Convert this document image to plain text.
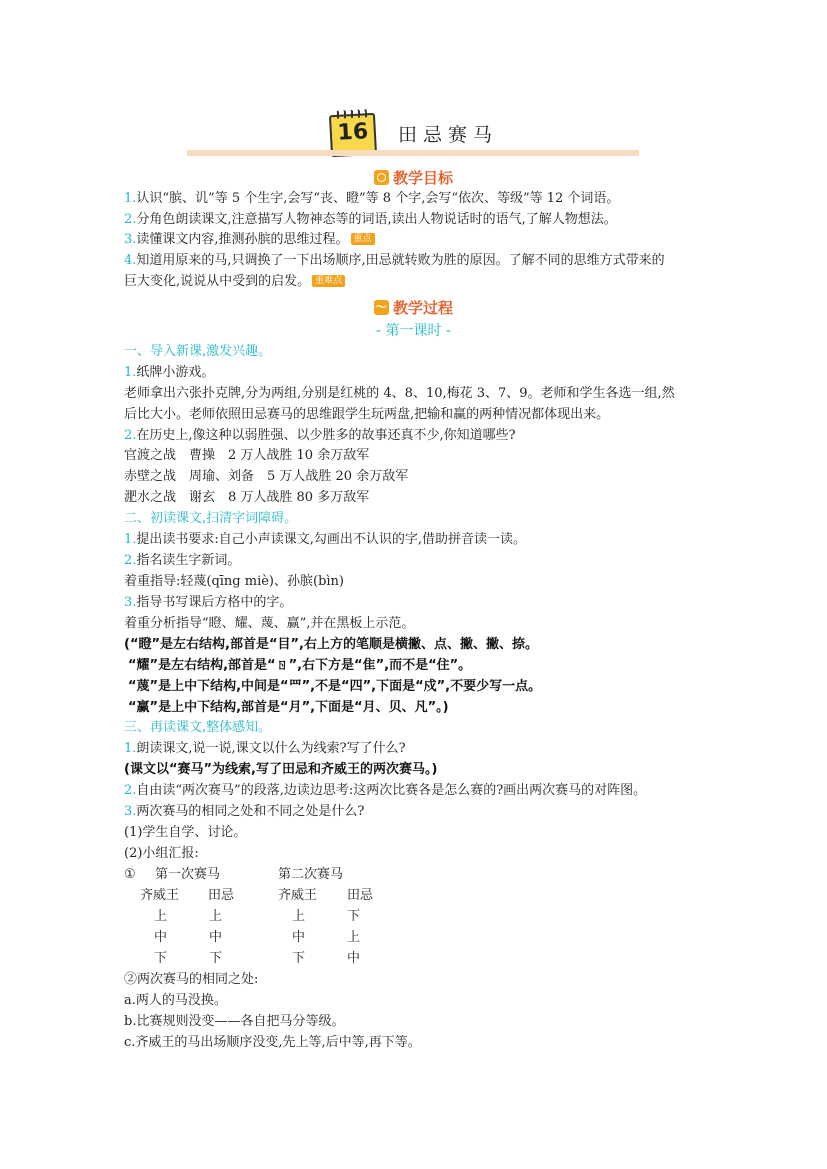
16 田忌赛马
教学目标
1.认识“膑、讥”等 5 个生字,会写“丧、瞪”等 8 个字,会写“依次、等级”等 12 个词语。
2.分角色朗读课文,注意描写人物神态等的词语,读出人物说话时的语气,了解人物想法。
3.读懂课文内容,推测孙膑的思维过程。 重点
4.知道用原来的马,只调换了一下出场顺序,田忌就转败为胜的原因。了解不同的思维方式带来的
巨大变化,说说从中受到的启发。 重难点
〜教学过程
- 第一课时 -
一、导入新课,激发兴趣。
1.纸牌小游戏。
老师拿出六张扑克牌,分为两组,分别是红桃的 4、8、10,梅花 3、7、9。老师和学生各选一组,然
后比大小。老师依照田忌赛马的思维跟学生玩两盘,把输和赢的两种情况都体现出来。
2.在历史上,像这种以弱胜强、以少胜多的故事还真不少,你知道哪些?
官渡之战　曹操　2 万人战胜 10 余万敌军
赤壁之战　周瑜、刘备　5 万人战胜 20 余万敌军
淝水之战　谢玄　8 万人战胜 80 多万敌军
二、初读课文,扫清字词障碍。
1.提出读书要求:自己小声读课文,勾画出不认识的字,借助拼音读一读。
2.指名读生字新词。
着重指导:轻蔑(qīng miè)、孙膑(bìn)
3.指导书写课后方格中的字。
着重分析指导“瞪、耀、蔑、赢”,并在黑板上示范。
(“瞪”是左右结构,部首是“目”,右上方的笔顺是横撇、点、撇、撇、捺。
“耀”是左右结构,部首是“ㄖ”,右下方是“隹”,而不是“住”。
“蔑”是上中下结构,中间是“罒”,不是“四”,下面是“戍”,不要少写一点。
“赢”是上中下结构,部首是“月”,下面是“月、贝、凡”。)
三、再读课文,整体感知。
1.朗读课文,说一说,课文以什么为线索?写了什么?
(课文以“赛马”为线索,写了田忌和齐威王的两次赛马。)
2.自由读“两次赛马”的段落,边读边思考:这两次比赛各是怎么赛的?画出两次赛马的对阵图。
3.两次赛马的相同之处和不同之处是什么?
(1)学生自学、讨论。
(2)小组汇报:
① 第一次赛马	第二次赛马
齐威王 田忌	齐威王 田忌
上	上	上	下
中	中	中	上
下	下	下	中
②两次赛马的相同之处:
a.两人的马没换。
b.比赛规则没变——各自把马分等级。
c.齐威王的马出场顺序没变,先上等,后中等,再下等。
